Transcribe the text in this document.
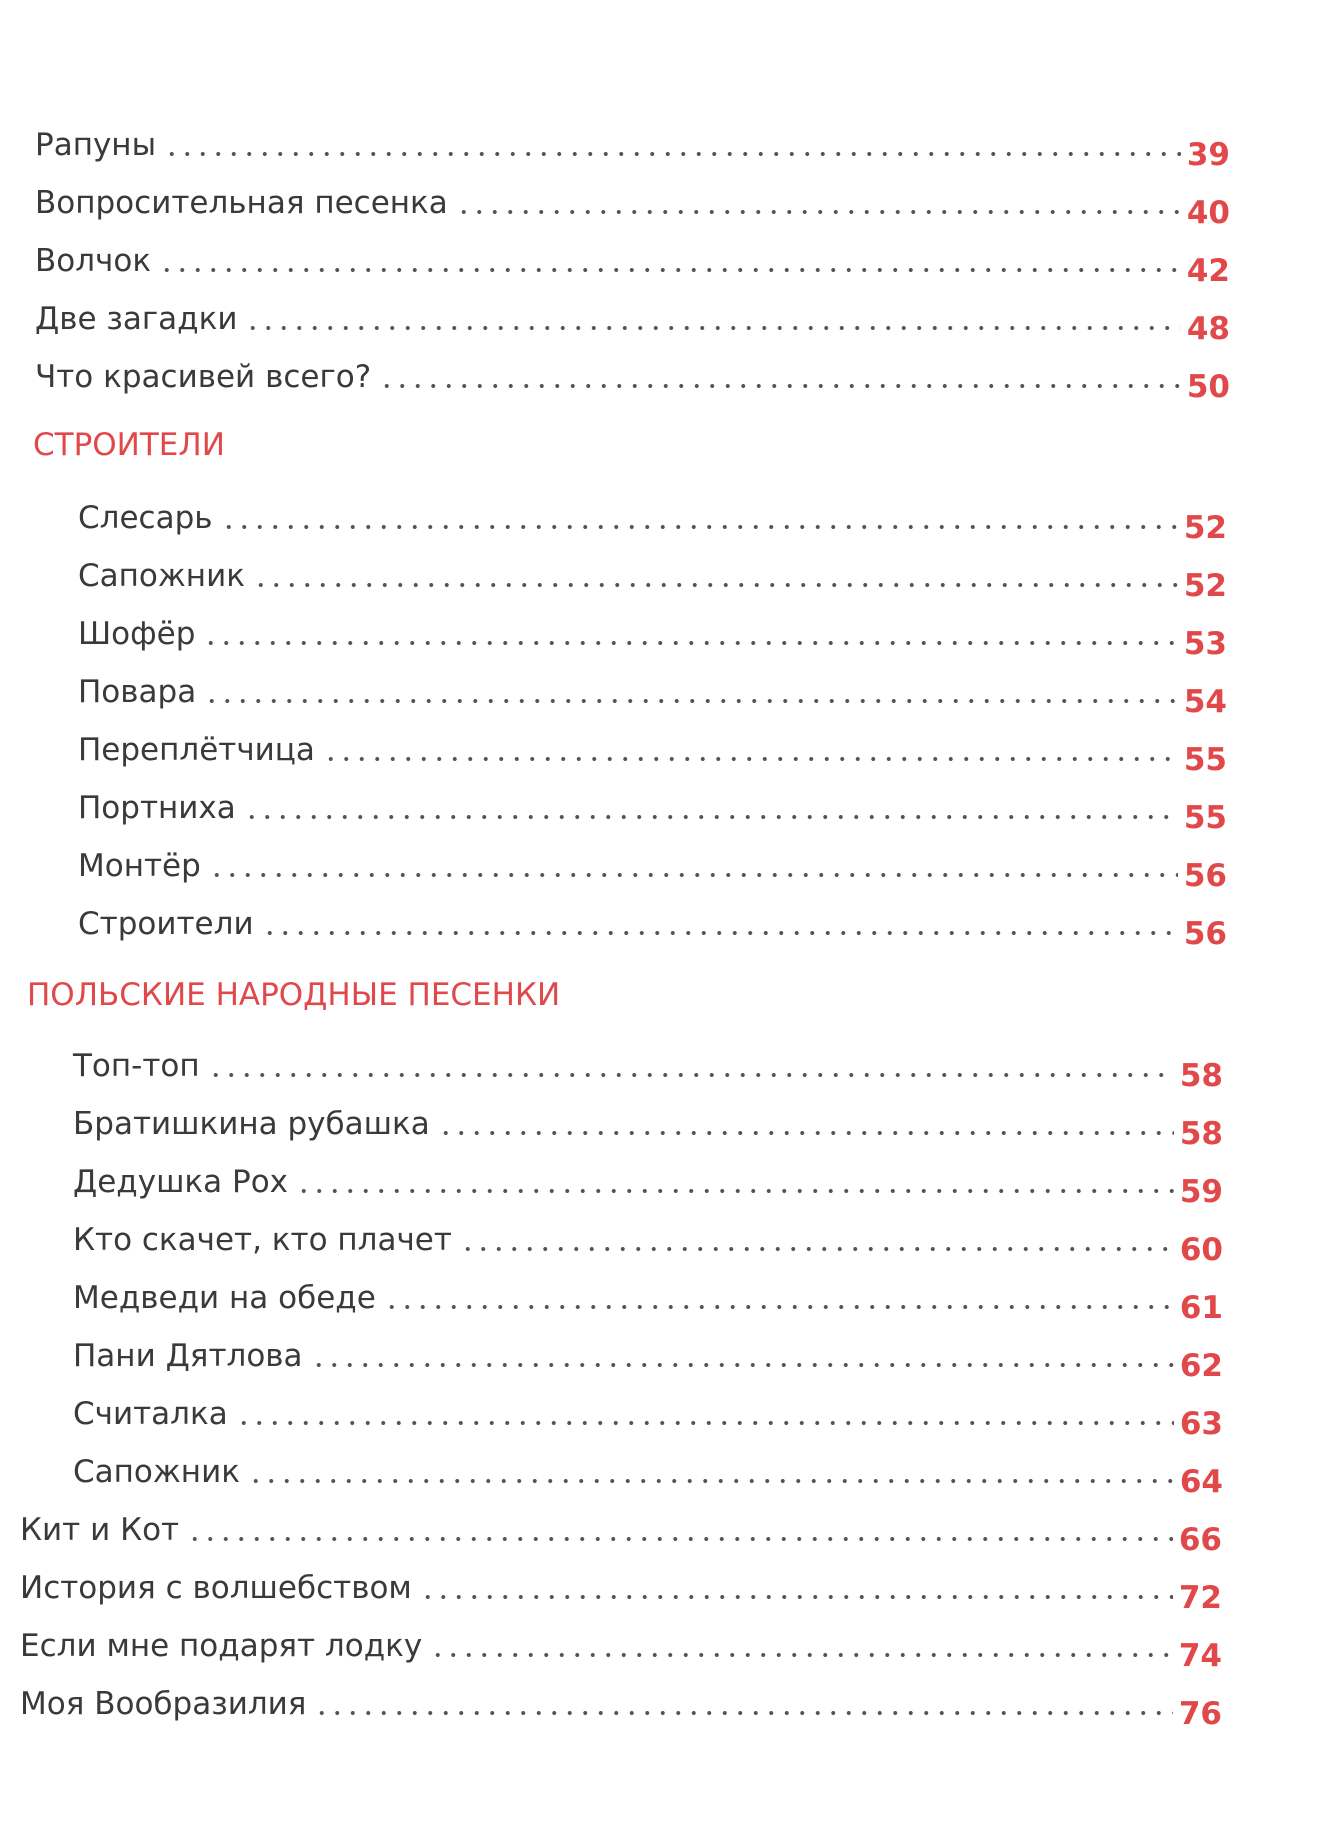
Рапуны	39
Вопросительная песенка	40
Волчок	42
Две загадки	48
Что красивей всего?	50
СТРОИТЕЛИ
Слесарь	52
Сапожник	52
Шофёр	53
Повара	54
Переплётчица	55
Портниха	55
Монтёр	56
Строители	56
ПОЛЬСКИЕ НАРОДНЫЕ ПЕСЕНКИ
Топ-топ	58
Братишкина рубашка	58
Дедушка Рох	59
Кто скачет, кто плачет	60
Медведи на обеде	61
Пани Дятлова	62
Считалка	63
Сапожник	64
Кит и Кот	66
История с волшебством	72
Если мне подарят лодку	74
Моя Вообразилия	76
